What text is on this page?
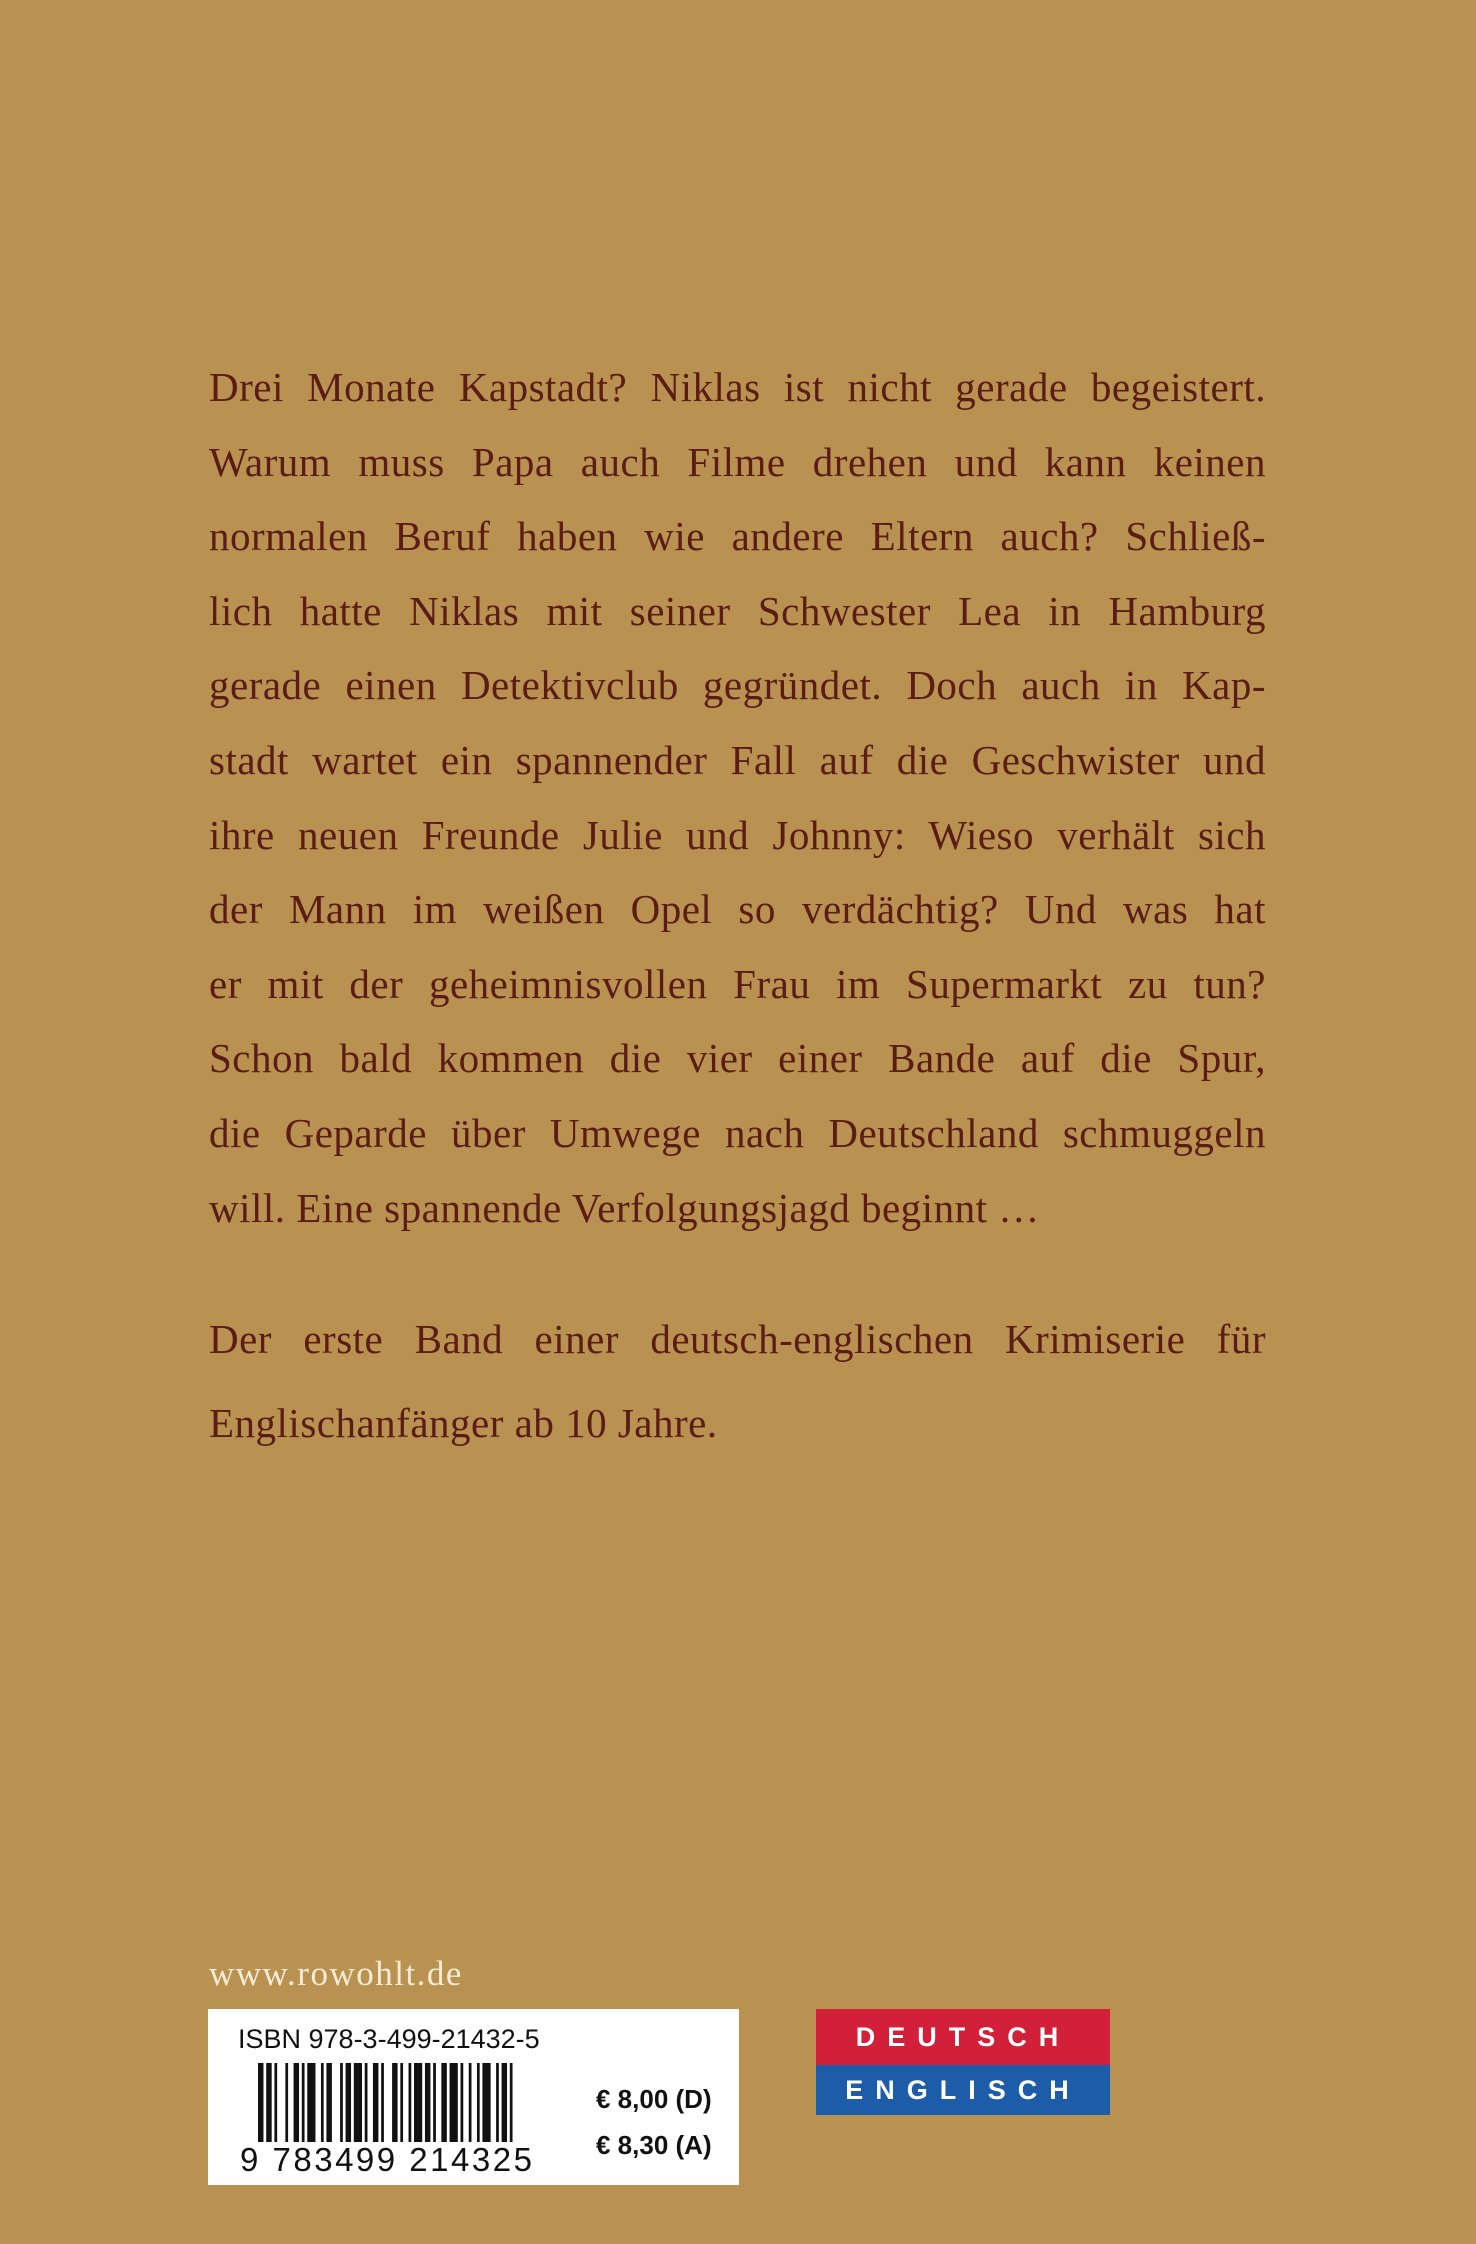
Drei Monate Kapstadt? Niklas ist nicht gerade begeistert.
Warum muss Papa auch Filme drehen und kann keinen
normalen Beruf haben wie andere Eltern auch? Schließ-
lich hatte Niklas mit seiner Schwester Lea in Hamburg
gerade einen Detektivclub gegründet. Doch auch in Kap-
stadt wartet ein spannender Fall auf die Geschwister und
ihre neuen Freunde Julie und Johnny: Wieso verhält sich
der Mann im weißen Opel so verdächtig? Und was hat
er mit der geheimnisvollen Frau im Supermarkt zu tun?
Schon bald kommen die vier einer Bande auf die Spur,
die Geparde über Umwege nach Deutschland schmuggeln
will. Eine spannende Verfolgungsjagd beginnt …
Der erste Band einer deutsch-englischen Krimiserie für
Englischanfänger ab 10 Jahre.
www.rowohlt.de
ISBN 978-3-499-21432-5
9 783499 214325
€ 8,00 (D)
€ 8,30 (A)
DEUTSCH
ENGLISCH
